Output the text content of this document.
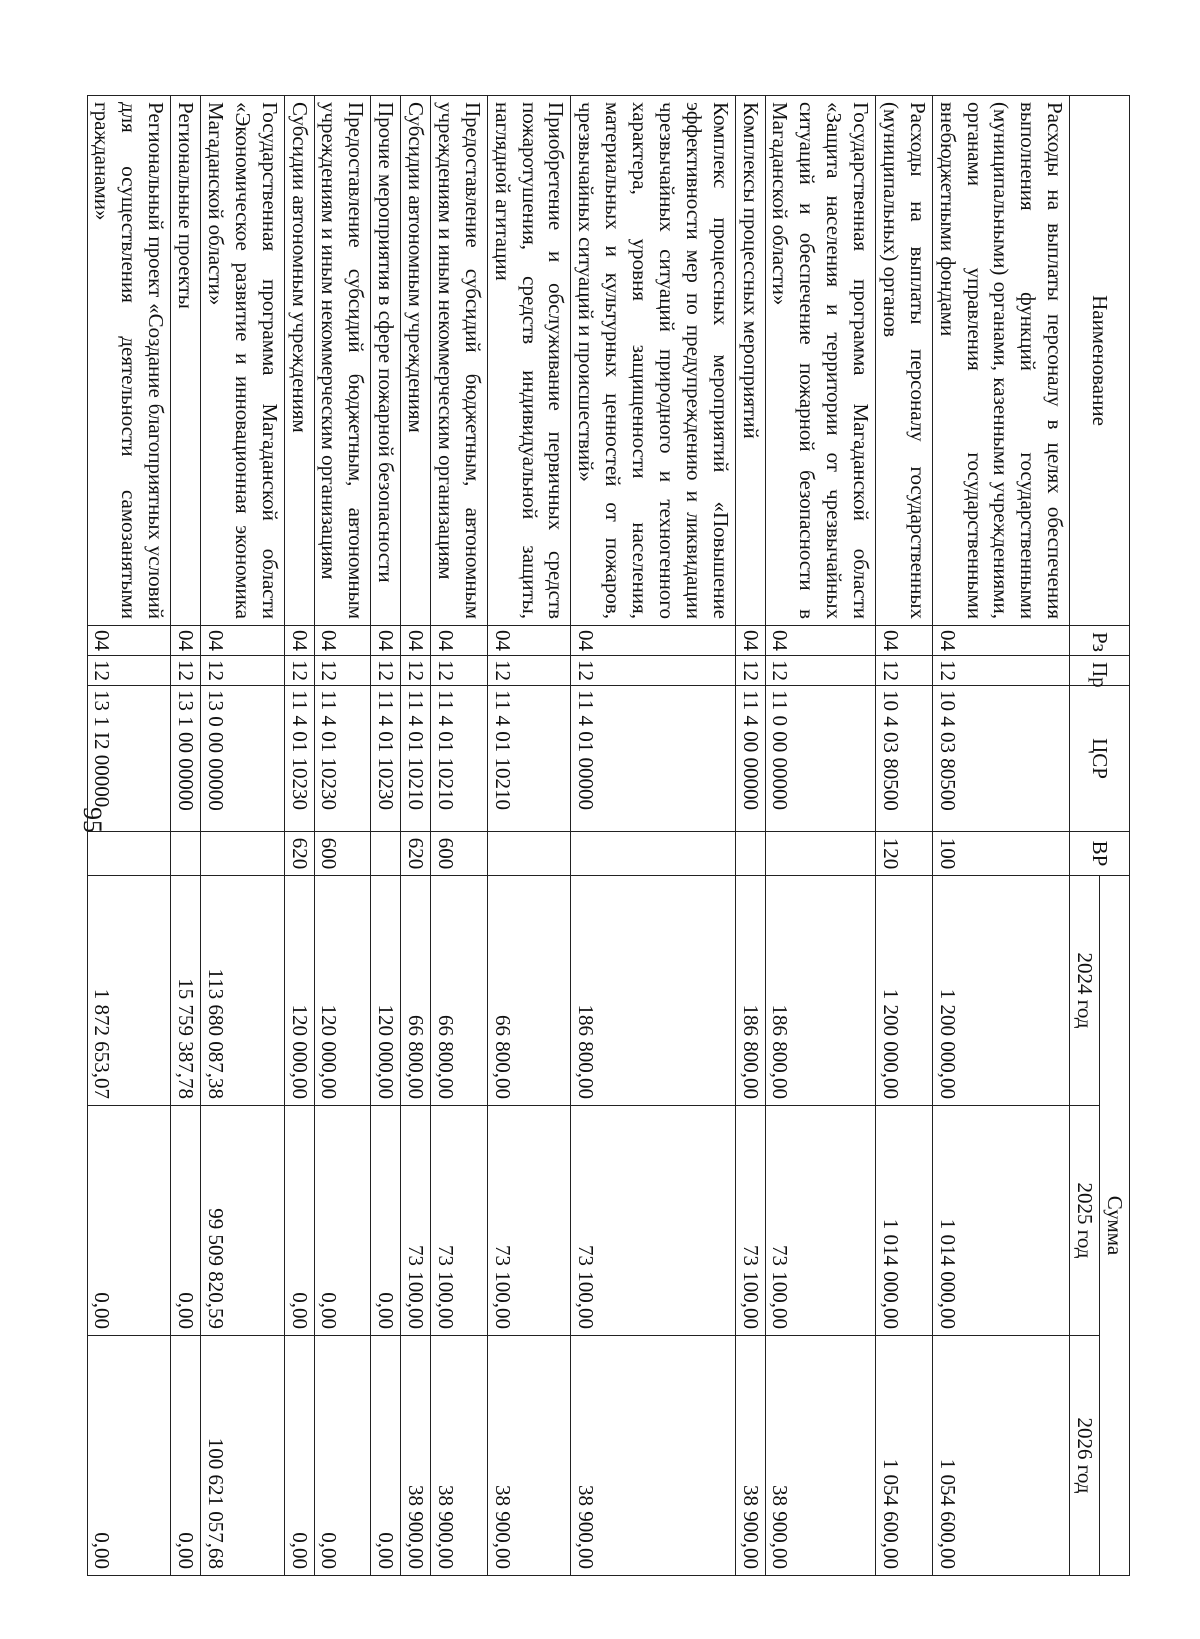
95
Наименование	Рз	Пр	ЦСР	ВР	Сумма		
					2024 год	2025 год	2026 год
Расходы на выплаты персоналу в целях обеспечения выполнения функций государственными (муниципальными) органами, казенными учреждениями, органами управления государственными внебюджетными фондами	04	12	10 4 03 80500	100	1 200 000,00	1 014 000,00	1 054 600,00
Расходы на выплаты персоналу государственных (муниципальных) органов	04	12	10 4 03 80500	120	1 200 000,00	1 014 000,00	1 054 600,00
Государственная программа Магаданской области «Защита населения и территории от чрезвычайных ситуаций и обеспечение пожарной безопасности в Магаданской области»	04	12	11 0 00 00000		186 800,00	73 100,00	38 900,00
Комплексы процессных мероприятий	04	12	11 4 00 00000		186 800,00	73 100,00	38 900,00
Комплекс процессных мероприятий «Повышение эффективности мер по предупреждению и ликвидации чрезвычайных ситуаций природного и техногенного характера, уровня защищенности населения, материальных и культурных ценностей от пожаров, чрезвычайных ситуаций и происшествий»	04	12	11 4 01 00000		186 800,00	73 100,00	38 900,00
Приобретение и обслуживание первичных средств пожаротушения, средств индивидуальной защиты, наглядной агитации	04	12	11 4 01 10210		66 800,00	73 100,00	38 900,00
Предоставление субсидий бюджетным, автономным учреждениям и иным некоммерческим организациям	04	12	11 4 01 10210	600	66 800,00	73 100,00	38 900,00
Субсидии автономным учреждениям	04	12	11 4 01 10210	620	66 800,00	73 100,00	38 900,00
Прочие мероприятия в сфере пожарной безопасности	04	12	11 4 01 10230		120 000,00	0,00	0,00
Предоставление субсидий бюджетным, автономным учреждениям и иным некоммерческим организациям	04	12	11 4 01 10230	600	120 000,00	0,00	0,00
Субсидии автономным учреждениям	04	12	11 4 01 10230	620	120 000,00	0,00	0,00
Государственная программа Магаданской области «Экономическое развитие и инновационная экономика Магаданской области»	04	12	13 0 00 00000		113 680 087,38	99 509 820,59	100 621 057,68
Региональные проекты	04	12	13 1 00 00000		15 759 387,78	0,00	0,00
Региональный проект «Создание благоприятных условий для осуществления деятельности самозанятыми гражданами»	04	12	13 1 I2 00000		1 872 653,07	0,00	0,00
